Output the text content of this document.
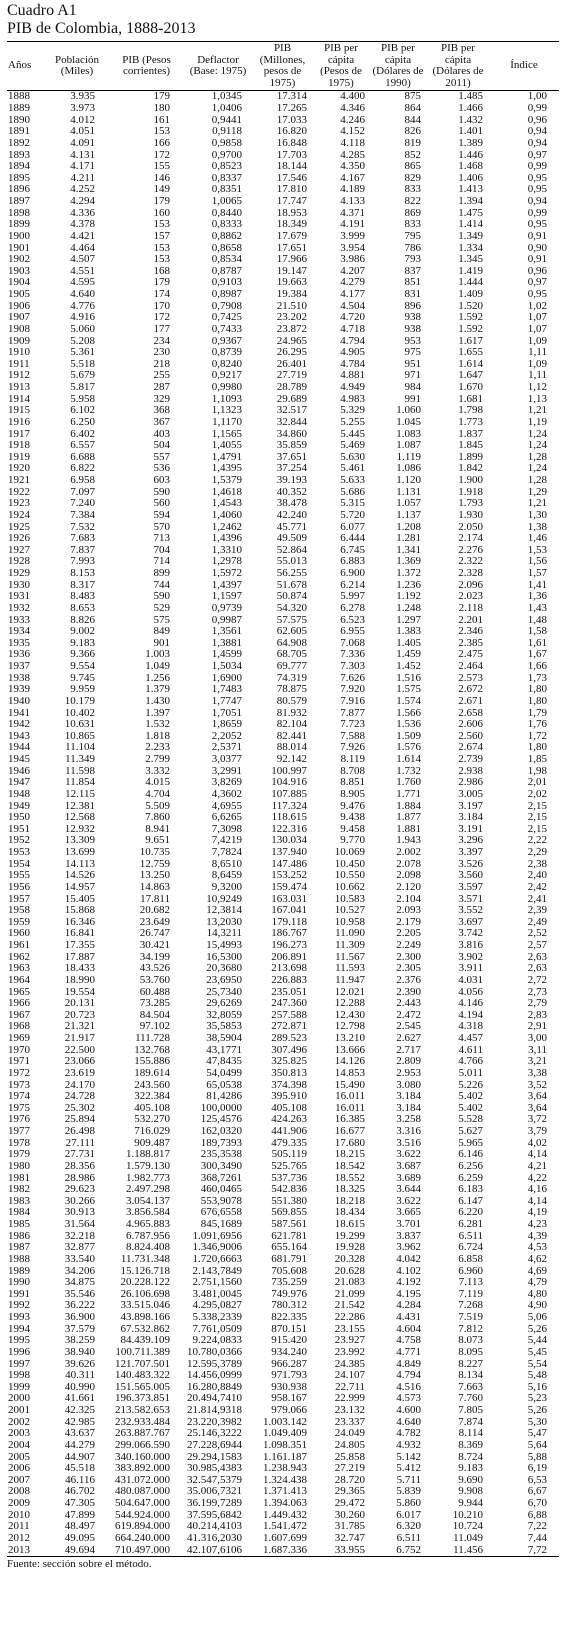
Cuadro A1
PIB de Colombia, 1888-2013
Años	Población (Miles)	PIB (Pesos corrientes)	Deflactor (Base: 1975)	PIB (Millones, pesos de 1975)	PIB per cápita (Pesos de 1975)	PIB per cápita (Dólares de 1990)	PIB per cápita (Dólares de 2011)	Índice
1888	3.935	179	1,0345	17.314	4.400	875	1.485	1,00
1889	3.973	180	1,0406	17.265	4.346	864	1.466	0,99
1890	4.012	161	0,9441	17.033	4.246	844	1.432	0,96
1891	4.051	153	0,9118	16.820	4.152	826	1.401	0,94
1892	4.091	166	0,9858	16.848	4.118	819	1.389	0,94
1893	4.131	172	0,9700	17.703	4.285	852	1.446	0,97
1894	4.171	155	0,8523	18.144	4.350	865	1.468	0,99
1895	4.211	146	0,8337	17.546	4.167	829	1.406	0,95
1896	4.252	149	0,8351	17.810	4.189	833	1.413	0,95
1897	4.294	179	1,0065	17.747	4.133	822	1.394	0,94
1898	4.336	160	0,8440	18.953	4.371	869	1.475	0,99
1899	4.378	153	0,8333	18.349	4.191	833	1.414	0,95
1900	4.421	157	0,8862	17.679	3.999	795	1.349	0,91
1901	4.464	153	0,8658	17.651	3.954	786	1.334	0,90
1902	4.507	153	0,8534	17.966	3.986	793	1.345	0,91
1903	4.551	168	0,8787	19.147	4.207	837	1.419	0,96
1904	4.595	179	0,9103	19.663	4.279	851	1.444	0,97
1905	4.640	174	0,8987	19.384	4.177	831	1.409	0,95
1906	4.776	170	0,7908	21.510	4.504	896	1.520	1,02
1907	4.916	172	0,7425	23.202	4.720	938	1.592	1,07
1908	5.060	177	0,7433	23.872	4.718	938	1.592	1,07
1909	5.208	234	0,9367	24.965	4.794	953	1.617	1,09
1910	5.361	230	0,8739	26.295	4.905	975	1.655	1,11
1911	5.518	218	0,8240	26.401	4.784	951	1.614	1,09
1912	5.679	255	0,9217	27.719	4.881	971	1.647	1,11
1913	5.817	287	0,9980	28.789	4.949	984	1.670	1,12
1914	5.958	329	1,1093	29.689	4.983	991	1.681	1,13
1915	6.102	368	1,1323	32.517	5.329	1.060	1.798	1,21
1916	6.250	367	1,1170	32.844	5.255	1.045	1.773	1,19
1917	6.402	403	1,1565	34.860	5.445	1.083	1.837	1,24
1918	6.557	504	1,4055	35.859	5.469	1.087	1.845	1,24
1919	6.688	557	1,4791	37.651	5.630	1.119	1.899	1,28
1920	6.822	536	1,4395	37.254	5.461	1.086	1.842	1,24
1921	6.958	603	1,5379	39.193	5.633	1.120	1.900	1,28
1922	7.097	590	1,4618	40.352	5.686	1.131	1.918	1,29
1923	7.240	560	1,4543	38.478	5.315	1.057	1.793	1,21
1924	7.384	594	1,4060	42.240	5.720	1.137	1.930	1,30
1925	7.532	570	1,2462	45.771	6.077	1.208	2.050	1,38
1926	7.683	713	1,4396	49.509	6.444	1.281	2.174	1,46
1927	7.837	704	1,3310	52.864	6.745	1.341	2.276	1,53
1928	7.993	714	1,2978	55.013	6.883	1.369	2.322	1,56
1929	8.153	899	1,5972	56.255	6.900	1.372	2.328	1,57
1930	8.317	744	1,4397	51.678	6.214	1.236	2.096	1,41
1931	8.483	590	1,1597	50.874	5.997	1.192	2.023	1,36
1932	8.653	529	0,9739	54.320	6.278	1.248	2.118	1,43
1933	8.826	575	0,9987	57.575	6.523	1.297	2.201	1,48
1934	9.002	849	1,3561	62.605	6.955	1.383	2.346	1,58
1935	9.183	901	1,3881	64.908	7.068	1.405	2.385	1,61
1936	9.366	1.003	1,4599	68.705	7.336	1.459	2.475	1,67
1937	9.554	1.049	1,5034	69.777	7.303	1.452	2.464	1,66
1938	9.745	1.256	1,6900	74.319	7.626	1.516	2.573	1,73
1939	9.959	1.379	1,7483	78.875	7.920	1.575	2.672	1,80
1940	10.179	1.430	1,7747	80.579	7.916	1.574	2.671	1,80
1941	10.402	1.397	1,7051	81.932	7.877	1.566	2.658	1,79
1942	10.631	1.532	1,8659	82.104	7.723	1.536	2.606	1,76
1943	10.865	1.818	2,2052	82.441	7.588	1.509	2.560	1,72
1944	11.104	2.233	2,5371	88.014	7.926	1.576	2.674	1,80
1945	11.349	2.799	3,0377	92.142	8.119	1.614	2.739	1,85
1946	11.598	3.332	3,2991	100.997	8.708	1.732	2.938	1,98
1947	11.854	4.015	3,8269	104.916	8.851	1.760	2.986	2,01
1948	12.115	4.704	4,3602	107.885	8.905	1.771	3.005	2,02
1949	12.381	5.509	4,6955	117.324	9.476	1.884	3.197	2,15
1950	12.568	7.860	6,6265	118.615	9.438	1.877	3.184	2,15
1951	12.932	8.941	7,3098	122.316	9.458	1.881	3.191	2,15
1952	13.309	9.651	7,4219	130.034	9.770	1.943	3.296	2,22
1953	13.699	10.735	7,7824	137.940	10.069	2.002	3.397	2,29
1954	14.113	12.759	8,6510	147.486	10.450	2.078	3.526	2,38
1955	14.526	13.250	8,6459	153.252	10.550	2.098	3.560	2,40
1956	14.957	14.863	9,3200	159.474	10.662	2.120	3.597	2,42
1957	15.405	17.811	10,9249	163.031	10.583	2.104	3.571	2,41
1958	15.868	20.682	12,3814	167.041	10.527	2.093	3.552	2,39
1959	16.346	23.649	13,2030	179.118	10.958	2.179	3.697	2,49
1960	16.841	26.747	14,3211	186.767	11.090	2.205	3.742	2,52
1961	17.355	30.421	15,4993	196.273	11.309	2.249	3.816	2,57
1962	17.887	34.199	16,5300	206.891	11.567	2.300	3.902	2,63
1963	18.433	43.526	20,3680	213.698	11.593	2.305	3.911	2,63
1964	18.990	53.760	23,6950	226.883	11.947	2.376	4.031	2,72
1965	19.554	60.488	25,7340	235.051	12.021	2.390	4.056	2,73
1966	20.131	73.285	29,6269	247.360	12.288	2.443	4.146	2,79
1967	20.723	84.504	32,8059	257.588	12.430	2.472	4.194	2,83
1968	21.321	97.102	35,5853	272.871	12.798	2.545	4.318	2,91
1969	21.917	111.728	38,5904	289.523	13.210	2.627	4.457	3,00
1970	22.500	132.768	43,1771	307.496	13.666	2.717	4.611	3,11
1971	23.066	155.886	47,8435	325.825	14.126	2.809	4.766	3,21
1972	23.619	189.614	54,0499	350.813	14.853	2.953	5.011	3,38
1973	24.170	243.560	65,0538	374.398	15.490	3.080	5.226	3,52
1974	24.728	322.384	81,4286	395.910	16.011	3.184	5.402	3,64
1975	25.302	405.108	100,0000	405.108	16.011	3.184	5.402	3,64
1976	25.894	532.270	125,4576	424.263	16.385	3.258	5.528	3,72
1977	26.498	716.029	162,0320	441.906	16.677	3.316	5.627	3,79
1978	27.111	909.487	189,7393	479.335	17.680	3.516	5.965	4,02
1979	27.731	1.188.817	235,3538	505.119	18.215	3.622	6.146	4,14
1980	28.356	1.579.130	300,3490	525.765	18.542	3.687	6.256	4,21
1981	28.986	1.982.773	368,7261	537.736	18.552	3.689	6.259	4,22
1982	29.623	2.497.298	460,0465	542.836	18.325	3.644	6.183	4,16
1983	30.266	3.054.137	553,9078	551.380	18.218	3.622	6.147	4,14
1984	30.913	3.856.584	676,6558	569.855	18.434	3.665	6.220	4,19
1985	31.564	4.965.883	845,1689	587.561	18.615	3.701	6.281	4,23
1986	32.218	6.787.956	1.091,6956	621.781	19.299	3.837	6.511	4,39
1987	32.877	8.824.408	1.346,9006	655.164	19.928	3.962	6.724	4,53
1988	33.540	11.731.348	1.720,6663	681.791	20.328	4.042	6.858	4,62
1989	34.206	15.126.718	2.143,7849	705.608	20.628	4.102	6.960	4,69
1990	34.875	20.228.122	2.751,1560	735.259	21.083	4.192	7.113	4,79
1991	35.546	26.106.698	3.481,0045	749.976	21.099	4.195	7.119	4,80
1992	36.222	33.515.046	4.295,0827	780.312	21.542	4.284	7.268	4,90
1993	36.900	43.898.166	5.338,2339	822.335	22.286	4.431	7.519	5,06
1994	37.579	67.532.862	7.761,0509	870.151	23.155	4.604	7.812	5,26
1995	38.259	84.439.109	9.224,0833	915.420	23.927	4.758	8.073	5,44
1996	38.940	100.711.389	10.780,0366	934.240	23.992	4.771	8.095	5,45
1997	39.626	121.707.501	12.595,3789	966.287	24.385	4.849	8.227	5,54
1998	40.311	140.483.322	14.456,0999	971.793	24.107	4.794	8.134	5,48
1999	40.990	151.565.005	16.280,8849	930.938	22.711	4.516	7.663	5,16
2000	41.661	196.373.851	20.494,7410	958.167	22.999	4.573	7.760	5,23
2001	42.325	213.582.653	21.814,9318	979.066	23.132	4.600	7.805	5,26
2002	42.985	232.933.484	23.220,3982	1.003.142	23.337	4.640	7.874	5,30
2003	43.637	263.887.767	25.146,3222	1.049.409	24.049	4.782	8.114	5,47
2004	44.279	299.066.590	27.228,6944	1.098.351	24.805	4.932	8.369	5,64
2005	44.907	340.160.000	29.294,1583	1.161.187	25.858	5.142	8.724	5,88
2006	45.518	383.892.000	30.985,4383	1.238.943	27.219	5.412	9.183	6,19
2007	46.116	431.072.000	32.547,5379	1.324.438	28.720	5.711	9.690	6,53
2008	46.702	480.087.000	35.006,7321	1.371.413	29.365	5.839	9.908	6,67
2009	47.305	504.647.000	36.199,7289	1.394.063	29.472	5.860	9.944	6,70
2010	47.899	544.924.000	37.595,6842	1.449.432	30.260	6.017	10.210	6,88
2011	48.497	619.894.000	40.214,4103	1.541.472	31.785	6.320	10.724	7,22
2012	49.095	664.240.000	41.316,2030	1.607.699	32.747	6.511	11.049	7,44
2013	49.694	710.497.000	42.107,6106	1.687.336	33.955	6.752	11.456	7,72
Fuente: sección sobre el método.
